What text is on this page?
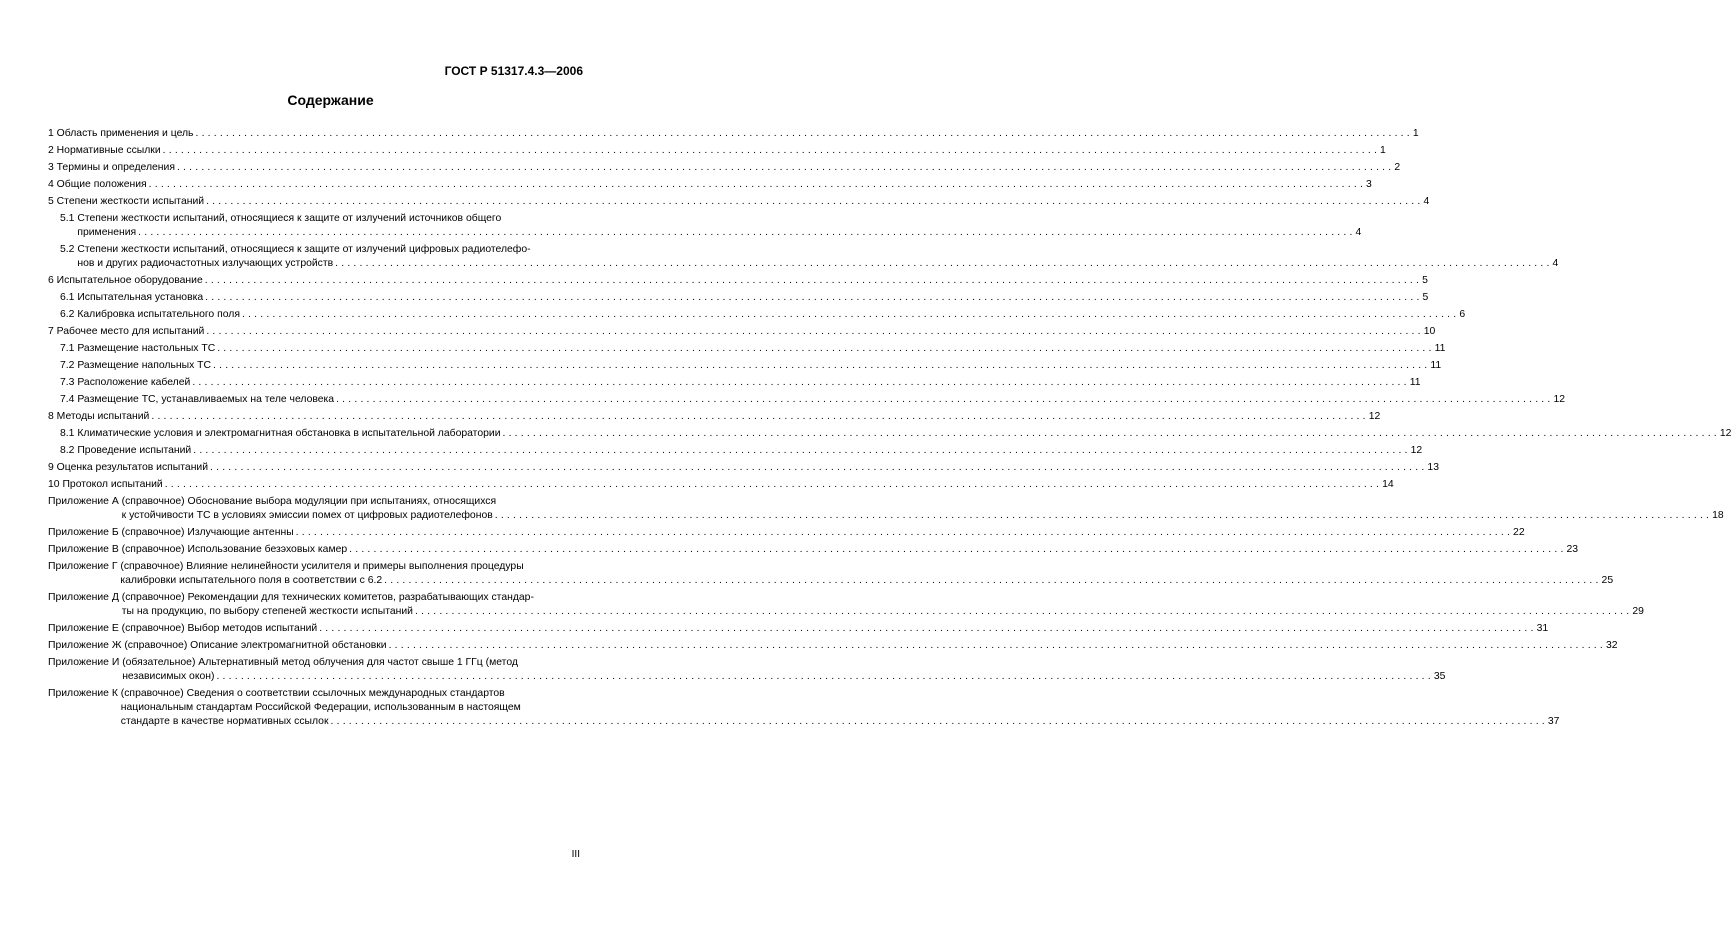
ГОСТ Р 51317.4.3—2006
Содержание
1 Область применения и цель ........................................................................................................................................................................................................ 1
2 Нормативные ссылки ........................................................................................................................................................................................................ 1
3 Термины и определения ........................................................................................................................................................................................................ 2
4 Общие положения ........................................................................................................................................................................................................ 3
5 Степени жесткости испытаний ........................................................................................................................................................................................................ 4
5.1 Степени жесткости испытаний, относящиеся к защите от излучений источников общего
применения ........................................................................................................................................................................................................ 4
5.2 Степени жесткости испытаний, относящиеся к защите от излучений цифровых радиотелефо-
нов и других радиочастотных излучающих устройств ........................................................................................................................................................................................................ 4
6 Испытательное оборудование ........................................................................................................................................................................................................ 5
6.1 Испытательная установка ........................................................................................................................................................................................................ 5
6.2 Калибровка испытательного поля ........................................................................................................................................................................................................ 6
7 Рабочее место для испытаний ........................................................................................................................................................................................................ 10
7.1 Размещение настольных ТС ........................................................................................................................................................................................................ 11
7.2 Размещение напольных ТС ........................................................................................................................................................................................................ 11
7.3 Расположение кабелей ........................................................................................................................................................................................................ 11
7.4 Размещение ТС, устанавливаемых на теле человека ........................................................................................................................................................................................................ 12
8 Методы испытаний ........................................................................................................................................................................................................ 12
8.1 Климатические условия и электромагнитная обстановка в испытательной лаборатории ........................................................................................................................................................................................................ 12
8.2 Проведение испытаний ........................................................................................................................................................................................................ 12
9 Оценка результатов испытаний ........................................................................................................................................................................................................ 13
10 Протокол испытаний ........................................................................................................................................................................................................ 14
Приложение А (справочное) Обоснование выбора модуляции при испытаниях, относящихся
к устойчивости ТС в условиях эмиссии помех от цифровых радиотелефонов ........................................................................................................................................................................................................ 18
Приложение Б (справочное) Излучающие антенны ........................................................................................................................................................................................................ 22
Приложение В (справочное) Использование безэховых камер ........................................................................................................................................................................................................ 23
Приложение Г (справочное) Влияние нелинейности усилителя и примеры выполнения процедуры
калибровки испытательного поля в соответствии с 6.2 ........................................................................................................................................................................................................ 25
Приложение Д (справочное) Рекомендации для технических комитетов, разрабатывающих стандар-
ты на продукцию, по выбору степеней жесткости испытаний ........................................................................................................................................................................................................ 29
Приложение Е (справочное) Выбор методов испытаний ........................................................................................................................................................................................................ 31
Приложение Ж (справочное) Описание электромагнитной обстановки ........................................................................................................................................................................................................ 32
Приложение И (обязательное) Альтернативный метод облучения для частот свыше 1 ГГц (метод
независимых окон) ........................................................................................................................................................................................................ 35
Приложение К (справочное) Сведения о соответствии ссылочных международных стандартов
национальным стандартам Российской Федерации, использованным в настоящем
стандарте в качестве нормативных ссылок ........................................................................................................................................................................................................ 37
III
